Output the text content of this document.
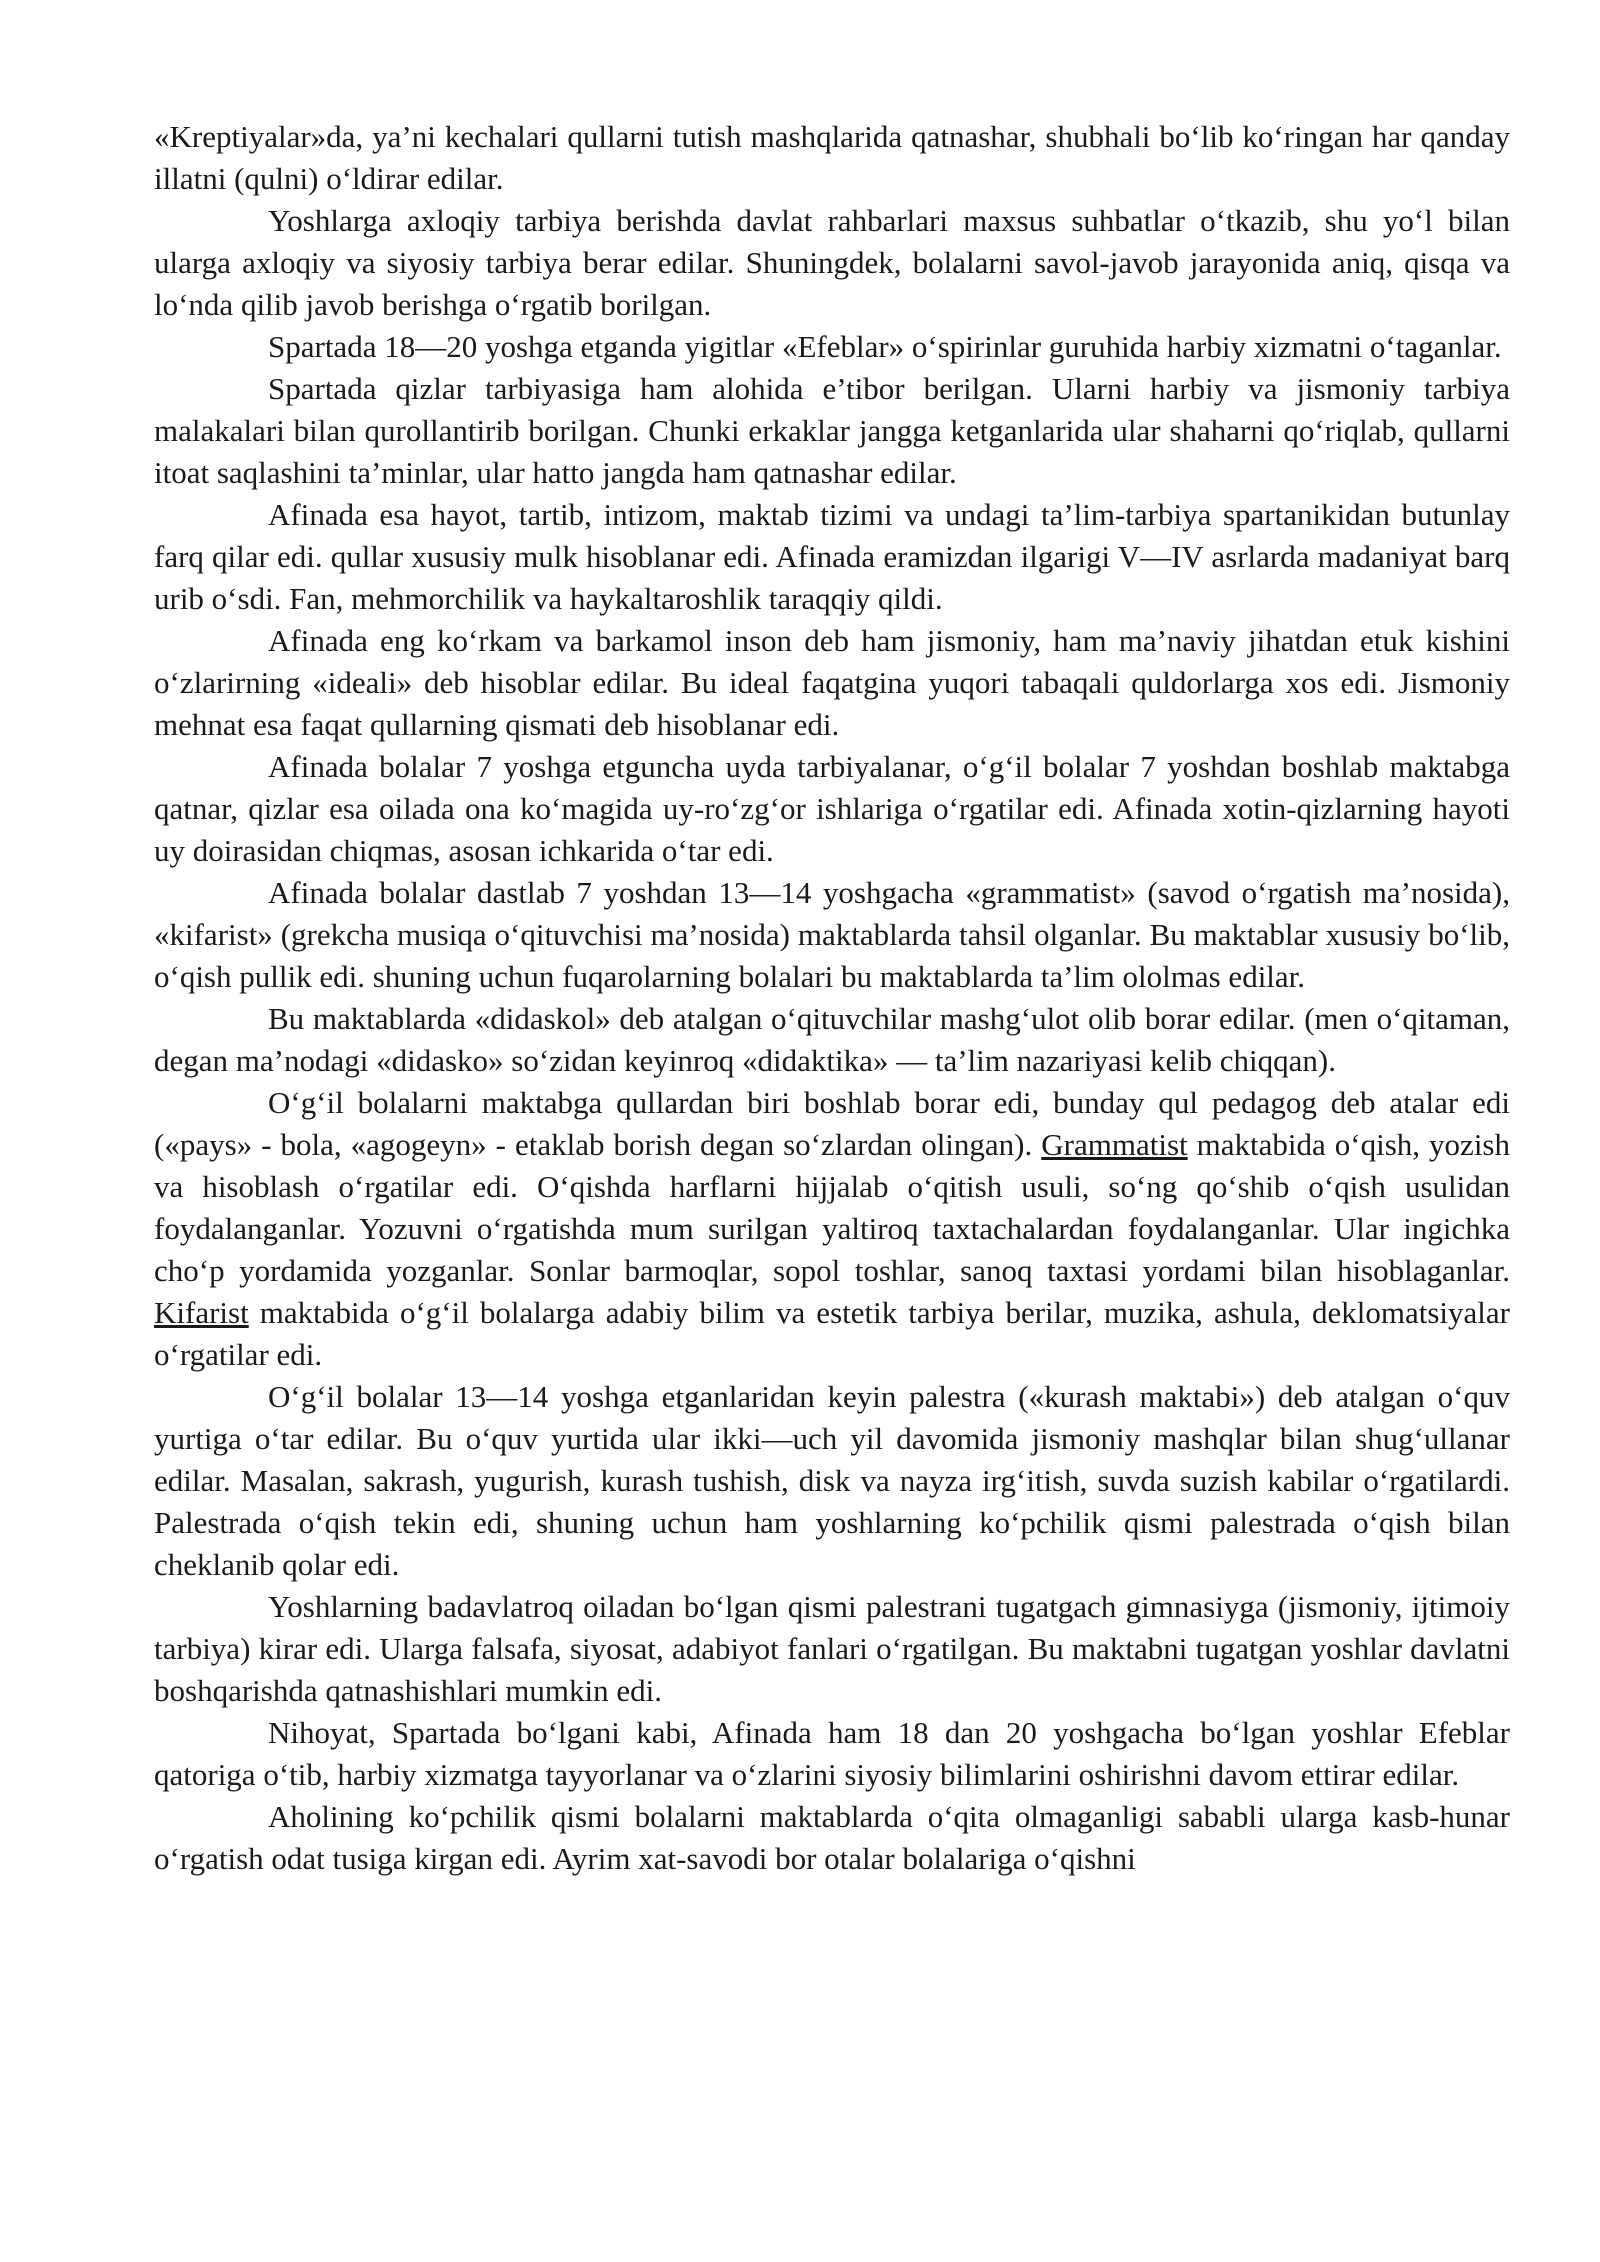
«Kreptiyalar»da, ya’ni kechalari qullarni tutish mashqlarida qatnashar, shubhali bo‘lib ko‘ringan har qanday illatni (qulni) o‘ldirar edilar.

Yoshlarga axloqiy tarbiya berishda davlat rahbarlari maxsus suhbatlar o‘tkazib, shu yo‘l bilan ularga axloqiy va siyosiy tarbiya berar edilar. Shuningdek, bolalarni savol-javob jarayonida aniq, qisqa va lo‘nda qilib javob berishga o‘rgatib borilgan.

Spartada 18—20 yoshga etganda yigitlar «Efeblar» o‘spirinlar guruhida harbiy xizmatni o‘taganlar.

Spartada qizlar tarbiyasiga ham alohida e’tibor berilgan. Ularni harbiy va jismoniy tarbiya malakalari bilan qurollantirib borilgan. Chunki erkaklar jangga ketganlarida ular shaharni qo‘riqlab, qullarni itoat saqlashini ta’minlar, ular hatto jangda ham qatnashar edilar.

Afinada esa hayot, tartib, intizom, maktab tizimi va undagi ta’lim-tarbiya spartanikidan butunlay farq qilar edi. qullar xususiy mulk hisoblanar edi. Afinada eramizdan ilgarigi V—IV asrlarda madaniyat barq urib o‘sdi. Fan, mehmorchilik va haykaltaroshlik taraqqiy qildi.

Afinada eng ko‘rkam va barkamol inson deb ham jismoniy, ham ma’naviy jihatdan etuk kishini o‘zlarirning «ideali» deb hisoblar edilar. Bu ideal faqatgina yuqori tabaqali quldorlarga xos edi. Jismoniy mehnat esa faqat qullarning qismati deb hisoblanar edi.

Afinada bolalar 7 yoshga etguncha uyda tarbiyalanar, o‘g‘il bolalar 7 yoshdan boshlab maktabga qatnar, qizlar esa oilada ona ko‘magida uy-ro‘zg‘or ishlariga o‘rgatilar edi. Afinada xotin-qizlarning hayoti uy doirasidan chiqmas, asosan ichkarida o‘tar edi.

Afinada bolalar dastlab 7 yoshdan 13—14 yoshgacha «grammatist» (savod o‘rgatish ma’nosida), «kifarist» (grekcha musiqa o‘qituvchisi ma’nosida) maktablarda tahsil olganlar. Bu maktablar xususiy bo‘lib, o‘qish pullik edi. shuning uchun fuqarolarning bolalari bu maktablarda ta’lim ololmas edilar.

Bu maktablarda «didaskol» deb atalgan o‘qituvchilar mashg‘ulot olib borar edilar. (men o‘qitaman, degan ma’nodagi «didasko» so‘zidan keyinroq «didaktika» — ta’lim nazariyasi kelib chiqqan).

O‘g‘il bolalarni maktabga qullardan biri boshlab borar edi, bunday qul pedagog deb atalar edi («pays» - bola, «agogeyn» - etaklab borish degan so‘zlardan olingan). Grammatist maktabida o‘qish, yozish va hisoblash o‘rgatilar edi. O‘qishda harflarni hijjalab o‘qitish usuli, so‘ng qo‘shib o‘qish usulidan foydalanganlar. Yozuvni o‘rgatishda mum surilgan yaltiroq taxtachalardan foydalanganlar. Ular ingichka cho‘p yordamida yozganlar. Sonlar barmoqlar, sopol toshlar, sanoq taxtasi yordami bilan hisoblaganlar. Kifarist maktabida o‘g‘il bolalarga adabiy bilim va estetik tarbiya berilar, muzika, ashula, deklomatsiyalar o‘rgatilar edi.

O‘g‘il bolalar 13—14 yoshga etganlaridan keyin palestra («kurash maktabi») deb atalgan o‘quv yurtiga o‘tar edilar. Bu o‘quv yurtida ular ikki—uch yil davomida jismoniy mashqlar bilan shug‘ullanar edilar. Masalan, sakrash, yugurish, kurash tushish, disk va nayza irg‘itish, suvda suzish kabilar o‘rgatilardi. Palestrada o‘qish tekin edi, shuning uchun ham yoshlarning ko‘pchilik qismi palestrada o‘qish bilan cheklanib qolar edi.

Yoshlarning badavlatroq oiladan bo‘lgan qismi palestrani tugatgach gimnasiyga (jismoniy, ijtimoiy tarbiya) kirar edi. Ularga falsafa, siyosat, adabiyot fanlari o‘rgatilgan. Bu maktabni tugatgan yoshlar davlatni boshqarishda qatnashishlari mumkin edi.

Nihoyat, Spartada bo‘lgani kabi, Afinada ham 18 dan 20 yoshgacha bo‘lgan yoshlar Efeblar qatoriga o‘tib, harbiy xizmatga tayyorlanar va o‘zlarini siyosiy bilimlarini oshirishni davom ettirar edilar.

Aholining ko‘pchilik qismi bolalarni maktablarda o‘qita olmaganligi sababli ularga kasb-hunar o‘rgatish odat tusiga kirgan edi. Ayrim xat-savodi bor otalar bolalariga o‘qishni
